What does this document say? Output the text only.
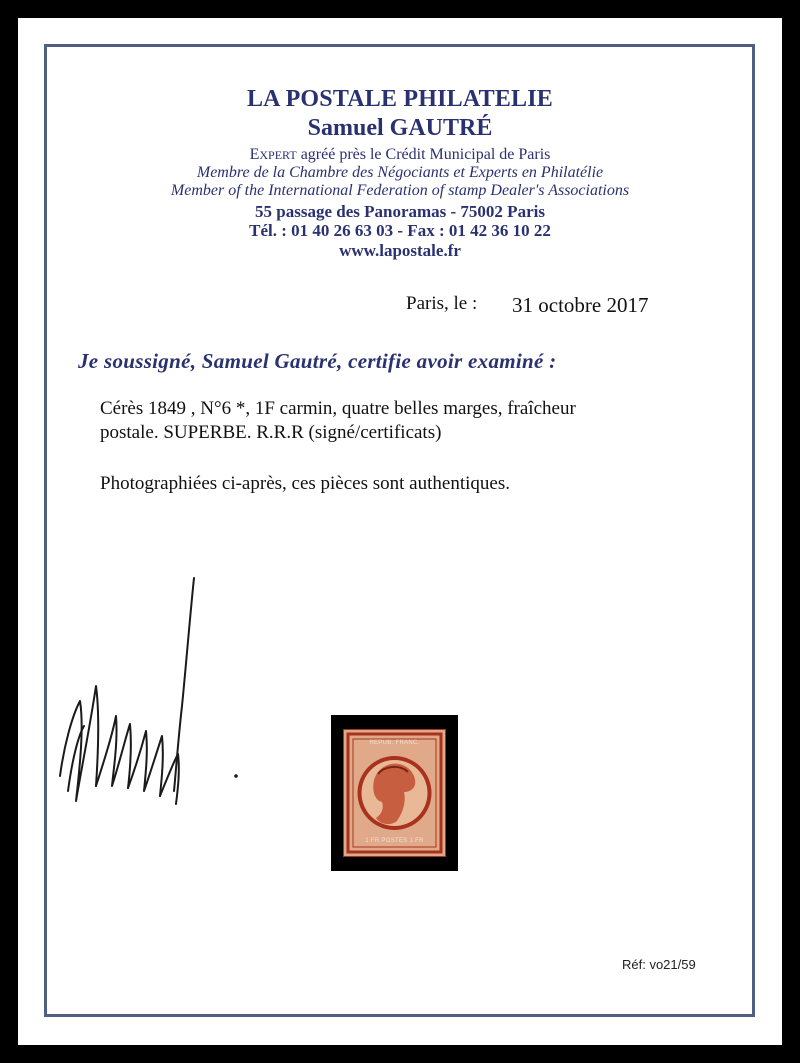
LA POSTALE PHILATELIE
Samuel GAUTRÉ
EXPERT agréé près le Crédit Municipal de Paris
Membre de la Chambre des Négociants et Experts en Philatélie
Member of the International Federation of stamp Dealer's Associations
55 passage des Panoramas - 75002 Paris
Tél. : 01 40 26 63 03 - Fax : 01 42 36 10 22
www.lapostale.fr
Paris, le : 31 octobre 2017
Je soussigné, Samuel Gautré, certifie avoir examiné :
Cérès 1849 , N°6 *, 1F carmin, quatre belles marges, fraîcheur
postale. SUPERBE. R.R.R (signé/certificats)
Photographiées ci-après, ces pièces sont authentiques.
REPUB. FRANC.
1 FR POSTES 1 FR
Réf: vo21/59
